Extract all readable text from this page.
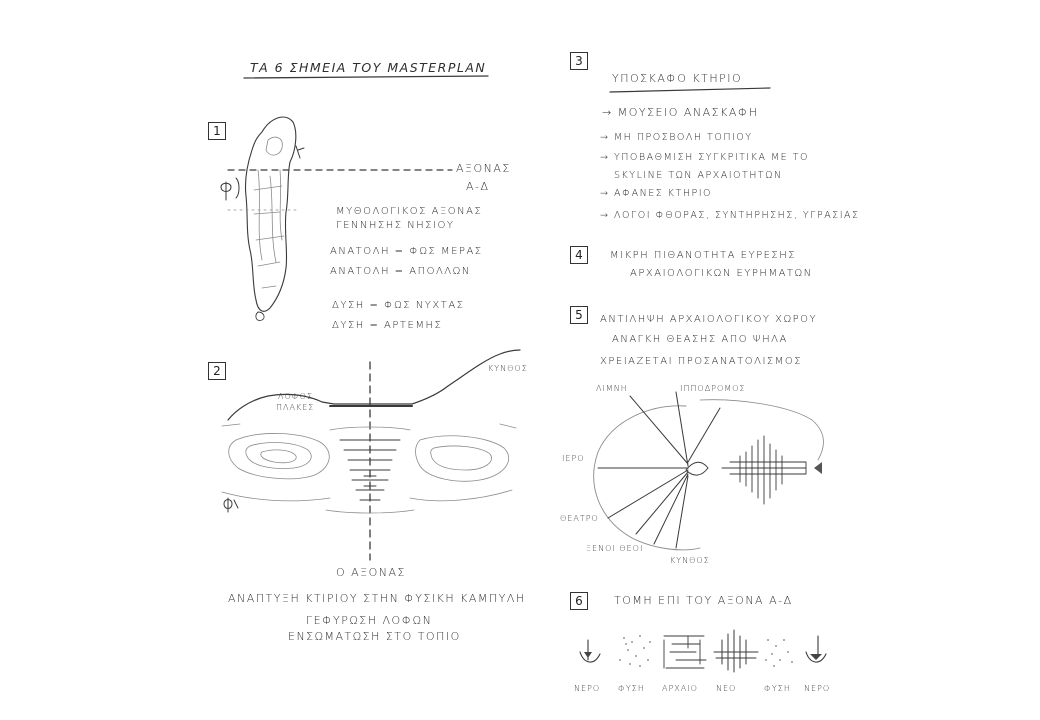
ΤΑ 6 ΣΗΜΕΙΑ ΤΟΥ MASTERPLAN
1
ΑΞΟΝΑΣ
Α-Δ
ΜΥΘΟΛΟΓΙΚΟΣ ΑΞΟΝΑΣ
ΓΕΝΝΗΣΗΣ ΝΗΣΙΟΥ
ΑΝΑΤΟΛΗ = ΦΩΣ ΜΕΡΑΣ
ΑΝΑΤΟΛΗ = ΑΠΟΛΛΩΝ
ΔΥΣΗ = ΦΩΣ ΝΥΧΤΑΣ
ΔΥΣΗ = ΑΡΤΕΜΗΣ
2	ΚΥΝΘΟΣ
ΛΟΦΟΣ
ΠΛΑΚΕΣ
Ο ΑΞΟΝΑΣ
ΑΝΑΠΤΥΞΗ ΚΤΙΡΙΟΥ ΣΤΗΝ ΦΥΣΙΚΗ ΚΑΜΠΥΛΗ
ΓΕΦΥΡΩΣΗ ΛΟΦΩΝ
ΕΝΣΩΜΑΤΩΣΗ ΣΤΟ ΤΟΠΙΟ
3
ΥΠΟΣΚΑΦΟ ΚΤΗΡΙΟ
→ ΜΟΥΣΕΙΟ ΑΝΑΣΚΑΦΗ
→ ΜΗ ΠΡΟΣΒΟΛΗ ΤΟΠΙΟΥ
→ ΥΠΟΒΑΘΜΙΣΗ ΣΥΓΚΡΙΤΙΚΑ ΜΕ ΤΟ
SKYLINE ΤΩΝ ΑΡΧΑΙΟΤΗΤΩΝ
→ ΑΦΑΝΕΣ ΚΤΗΡΙΟ
→ ΛΟΓΟΙ ΦΘΟΡΑΣ, ΣΥΝΤΗΡΗΣΗΣ, ΥΓΡΑΣΙΑΣ
4	ΜΙΚΡΗ ΠΙΘΑΝΟΤΗΤΑ ΕΥΡΕΣΗΣ
ΑΡΧΑΙΟΛΟΓΙΚΩΝ ΕΥΡΗΜΑΤΩΝ
5	ΑΝΤΙΛΗΨΗ ΑΡΧΑΙΟΛΟΓΙΚΟΥ ΧΩΡΟΥ
ΑΝΑΓΚΗ ΘΕΑΣΗΣ ΑΠΟ ΨΗΛΑ
ΧΡΕΙΑΖΕΤΑΙ ΠΡΟΣΑΝΑΤΟΛΙΣΜΟΣ
ΛΙΜΝΗ	ΙΠΠΟΔΡΟΜΟΣ
ΙΕΡΟ
ΘΕΑΤΡΟ
ΞΕΝΟΙ ΘΕΟΙ
ΚΥΝΘΟΣ
6	ΤΟΜΗ ΕΠΙ ΤΟΥ ΑΞΟΝΑ Α-Δ
ΝΕΡΟ ΦΥΣΗ ΑΡΧΑΙΟ ΝΕΟ	ΦΥΣΗ ΝΕΡΟ
